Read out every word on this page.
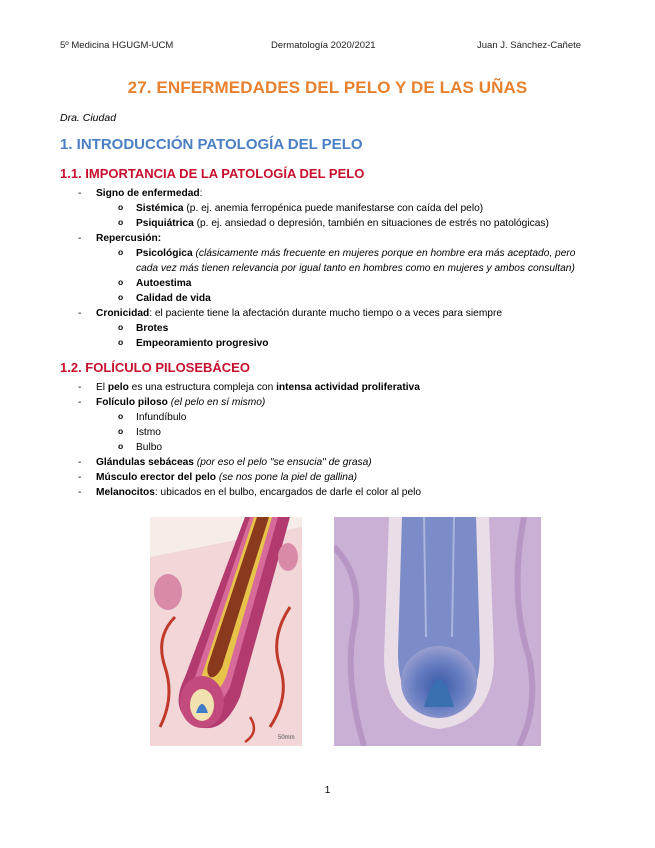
5º Medicina HGUGM-UCM	Dermatología 2020/2021	Juan J. Sánchez-Cañete
27. ENFERMEDADES DEL PELO Y DE LAS UÑAS
Dra. Ciudad
1. INTRODUCCIÓN PATOLOGÍA DEL PELO
1.1. IMPORTANCIA DE LA PATOLOGÍA DEL PELO
- Signo de enfermedad:
o Sistémica (p. ej. anemia ferropénica puede manifestarse con caída del pelo)
o Psiquiátrica (p. ej. ansiedad o depresión, también en situaciones de estrés no patológicas)
- Repercusión:
o Psicológica (clásicamente más frecuente en mujeres porque en hombre era más aceptado, pero
cada vez más tienen relevancia por igual tanto en hombres como en mujeres y ambos consultan)
o Autoestima
o Calidad de vida
- Cronicidad: el paciente tiene la afectación durante mucho tiempo o a veces para siempre
o Brotes
o Empeoramiento progresivo
1.2. FOLÍCULO PILOSEBÁCEO
- El pelo es una estructura compleja con intensa actividad proliferativa
- Folículo piloso (el pelo en sí mismo)
o Infundíbulo
o Istmo
o Bulbo
- Glándulas sebáceas (por eso el pelo "se ensucia" de grasa)
- Músculo erector del pelo (se nos pone la piel de gallina)
- Melanocitos: ubicados en el bulbo, encargados de darle el color al pelo
50mm
1
